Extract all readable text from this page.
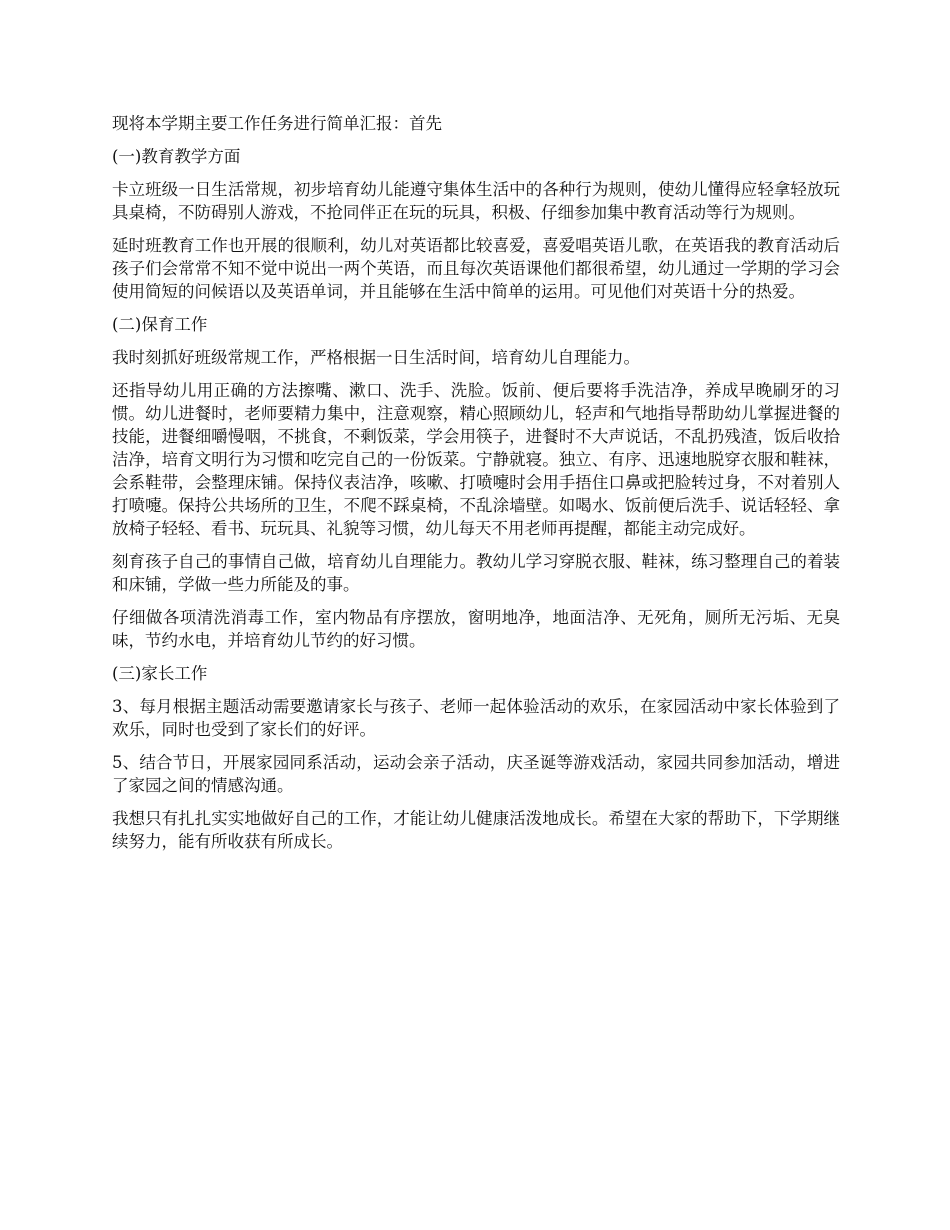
现将本学期主要工作任务进行简单汇报：首先

(一)教育教学方面

卡立班级一日生活常规，初步培育幼儿能遵守集体生活中的各种行为规则，使幼儿懂得应轻拿轻放玩具桌椅，不防碍别人游戏，不抢同伴正在玩的玩具，积极、仔细参加集中教育活动等行为规则。

延时班教育工作也开展的很顺利，幼儿对英语都比较喜爱，喜爱唱英语儿歌，在英语我的教育活动后孩子们会常常不知不觉中说出一两个英语，而且每次英语课他们都很希望，幼儿通过一学期的学习会使用简短的问候语以及英语单词，并且能够在生活中简单的运用。可见他们对英语十分的热爱。

(二)保育工作

我时刻抓好班级常规工作，严格根据一日生活时间，培育幼儿自理能力。

还指导幼儿用正确的方法擦嘴、漱口、洗手、洗脸。饭前、便后要将手洗洁净，养成早晚刷牙的习惯。幼儿进餐时，老师要精力集中，注意观察，精心照顾幼儿，轻声和气地指导帮助幼儿掌握进餐的技能，进餐细嚼慢咽，不挑食，不剩饭菜，学会用筷子，进餐时不大声说话，不乱扔残渣，饭后收拾洁净，培育文明行为习惯和吃完自己的一份饭菜。宁静就寝。独立、有序、迅速地脱穿衣服和鞋袜，会系鞋带，会整理床铺。保持仪表洁净，咳嗽、打喷嚏时会用手捂住口鼻或把脸转过身，不对着别人打喷嚏。保持公共场所的卫生，不爬不踩桌椅，不乱涂墙壁。如喝水、饭前便后洗手、说话轻轻、拿放椅子轻轻、看书、玩玩具、礼貌等习惯，幼儿每天不用老师再提醒，都能主动完成好。

刻育孩子自己的事情自己做，培育幼儿自理能力。教幼儿学习穿脱衣服、鞋袜，练习整理自己的着装和床铺，学做一些力所能及的事。

仔细做各项清洗消毒工作，室内物品有序摆放，窗明地净，地面洁净、无死角，厕所无污垢、无臭味，节约水电，并培育幼儿节约的好习惯。

(三)家长工作

3、每月根据主题活动需要邀请家长与孩子、老师一起体验活动的欢乐，在家园活动中家长体验到了欢乐，同时也受到了家长们的好评。

5、结合节日，开展家园同系活动，运动会亲子活动，庆圣诞等游戏活动，家园共同参加活动，增进了家园之间的情感沟通。

我想只有扎扎实实地做好自己的工作，才能让幼儿健康活泼地成长。希望在大家的帮助下，下学期继续努力，能有所收获有所成长。
